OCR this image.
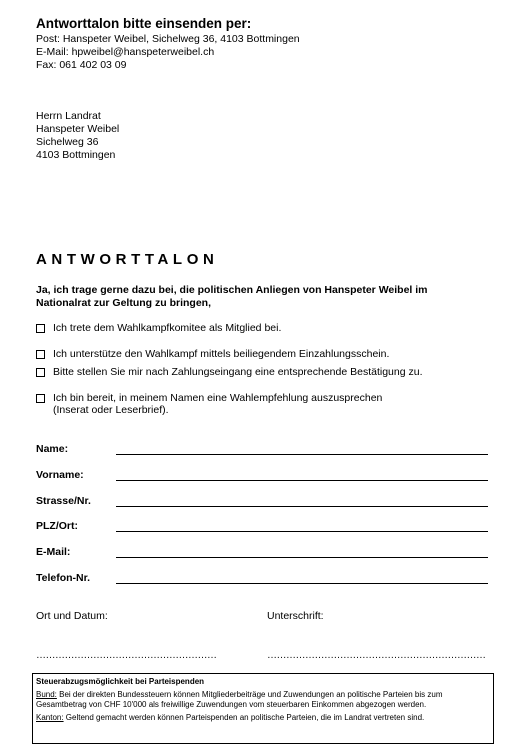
Antworttalon bitte einsenden per:
Post: Hanspeter Weibel, Sichelweg 36, 4103 Bottmingen
E-Mail: hpweibel@hanspeterweibel.ch
Fax: 061 402 03 09
Herrn Landrat
Hanspeter Weibel
Sichelweg 36
4103 Bottmingen
ANTWORTTALON
Ja, ich trage gerne dazu bei, die politischen Anliegen von Hanspeter Weibel im Nationalrat zur Geltung zu bringen,
Ich trete dem Wahlkampfkomitee als Mitglied bei.
Ich unterstütze den Wahlkampf mittels beiliegendem Einzahlungsschein.
Bitte stellen Sie mir nach Zahlungseingang eine entsprechende Bestätigung zu.
Ich bin bereit, in meinem Namen eine Wahlempfehlung auszusprechen
(Inserat oder Leserbrief).
Name:
Vorname:
Strasse/Nr.
PLZ/Ort:
E-Mail:
Telefon-Nr.
Ort und Datum:	Unterschrift:
…………………………………………………	……………………………………………………………
Steuerabzugsmöglichkeit bei Parteispenden
Bund: Bei der direkten Bundessteuern können Mitgliederbeiträge und Zuwendungen an politische Parteien bis zum Gesamtbetrag von CHF 10'000 als freiwillige Zuwendungen vom steuerbaren Einkommen abgezogen werden.
Kanton: Geltend gemacht werden können Parteispenden an politische Parteien, die im Landrat vertreten sind.
